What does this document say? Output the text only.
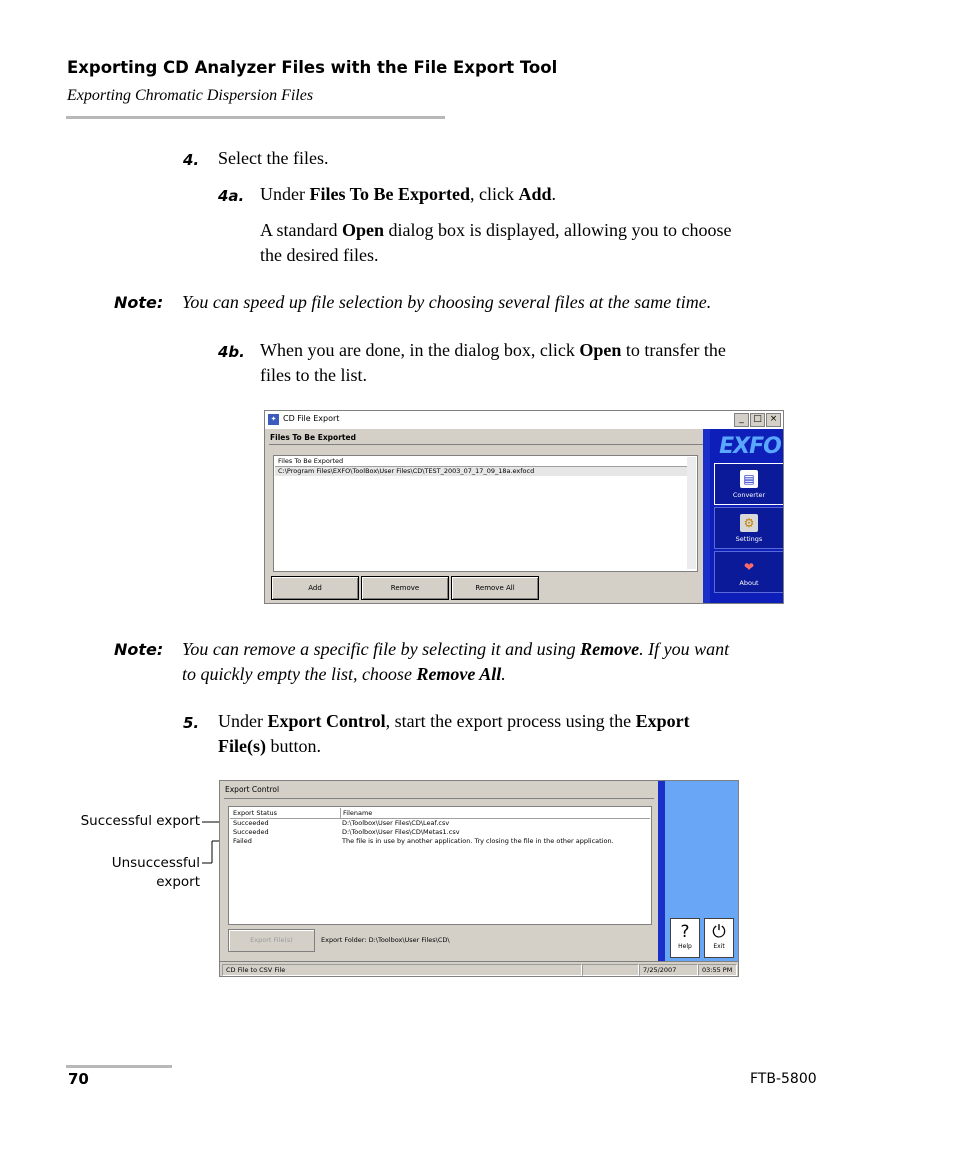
Exporting CD Analyzer Files with the File Export Tool
Exporting Chromatic Dispersion Files
4. Select the files.
4a. Under Files To Be Exported, click Add.
A standard Open dialog box is displayed, allowing you to choose
the desired files.
Note: You can speed up file selection by choosing several files at the same time.
4b. When you are done, in the dialog box, click Open to transfer the
files to the list.
✦ CD File Export	_	□ ×
Files To Be Exported
Files To Be Exported
C:\Program Files\EXFO\ToolBox\User Files\CD\TEST_2003_07_17_09_18a.exfocd
Add	Remove	Remove All
EXFO
▤
Converter
⚙
Settings
❤
About
Note: You can remove a specific file by selecting it and using Remove. If you want
to quickly empty the list, choose Remove All.
5. Under Export Control, start the export process using the Export
File(s) button.
Successful export
Unsuccessful
export
Export Control
Export Status	Filename
Succeeded	D:\Toolbox\User Files\CD\Leaf.csv
Succeeded	D:\Toolbox\User Files\CD\Metas1.csv
Failed	The file is in use by another application. Try closing the file in the other application.
Export File(s)	Export Folder: D:\Toolbox\User Files\CD\	?
Help
⏻
Exit
CD File to CSV File	7/25/2007	03:55 PM
70	FTB-5800
